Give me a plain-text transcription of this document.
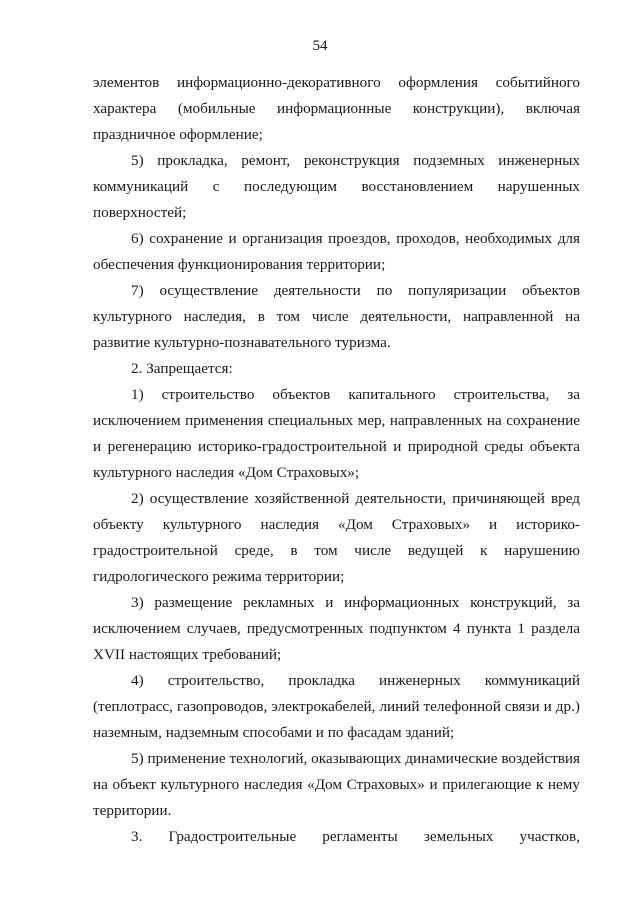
54

элементов информационно-декоративного оформления событийного характера (мобильные информационные конструкции), включая праздничное оформление;

5) прокладка, ремонт, реконструкция подземных инженерных коммуникаций с последующим восстановлением нарушенных поверхностей;

6) сохранение и организация проездов, проходов, необходимых для обеспечения функционирования территории;

7) осуществление деятельности по популяризации объектов культурного наследия, в том числе деятельности, направленной на развитие культурно-познавательного туризма.

2. Запрещается:

1) строительство объектов капитального строительства, за исключением применения специальных мер, направленных на сохранение и регенерацию историко-градостроительной и природной среды объекта культурного наследия «Дом Страховых»;

2) осуществление хозяйственной деятельности, причиняющей вред объекту культурного наследия «Дом Страховых» и историко-градостроительной среде, в том числе ведущей к нарушению гидрологического режима территории;

3) размещение рекламных и информационных конструкций, за исключением случаев, предусмотренных подпунктом 4 пункта 1 раздела XVII настоящих требований;

4) строительство, прокладка инженерных коммуникаций (теплотрасс, газопроводов, электрокабелей, линий телефонной связи и др.) наземным, надземным способами и по фасадам зданий;

5) применение технологий, оказывающих динамические воздействия на объект культурного наследия «Дом Страховых» и прилегающие к нему территории.

3. Градостроительные регламенты земельных участков,
